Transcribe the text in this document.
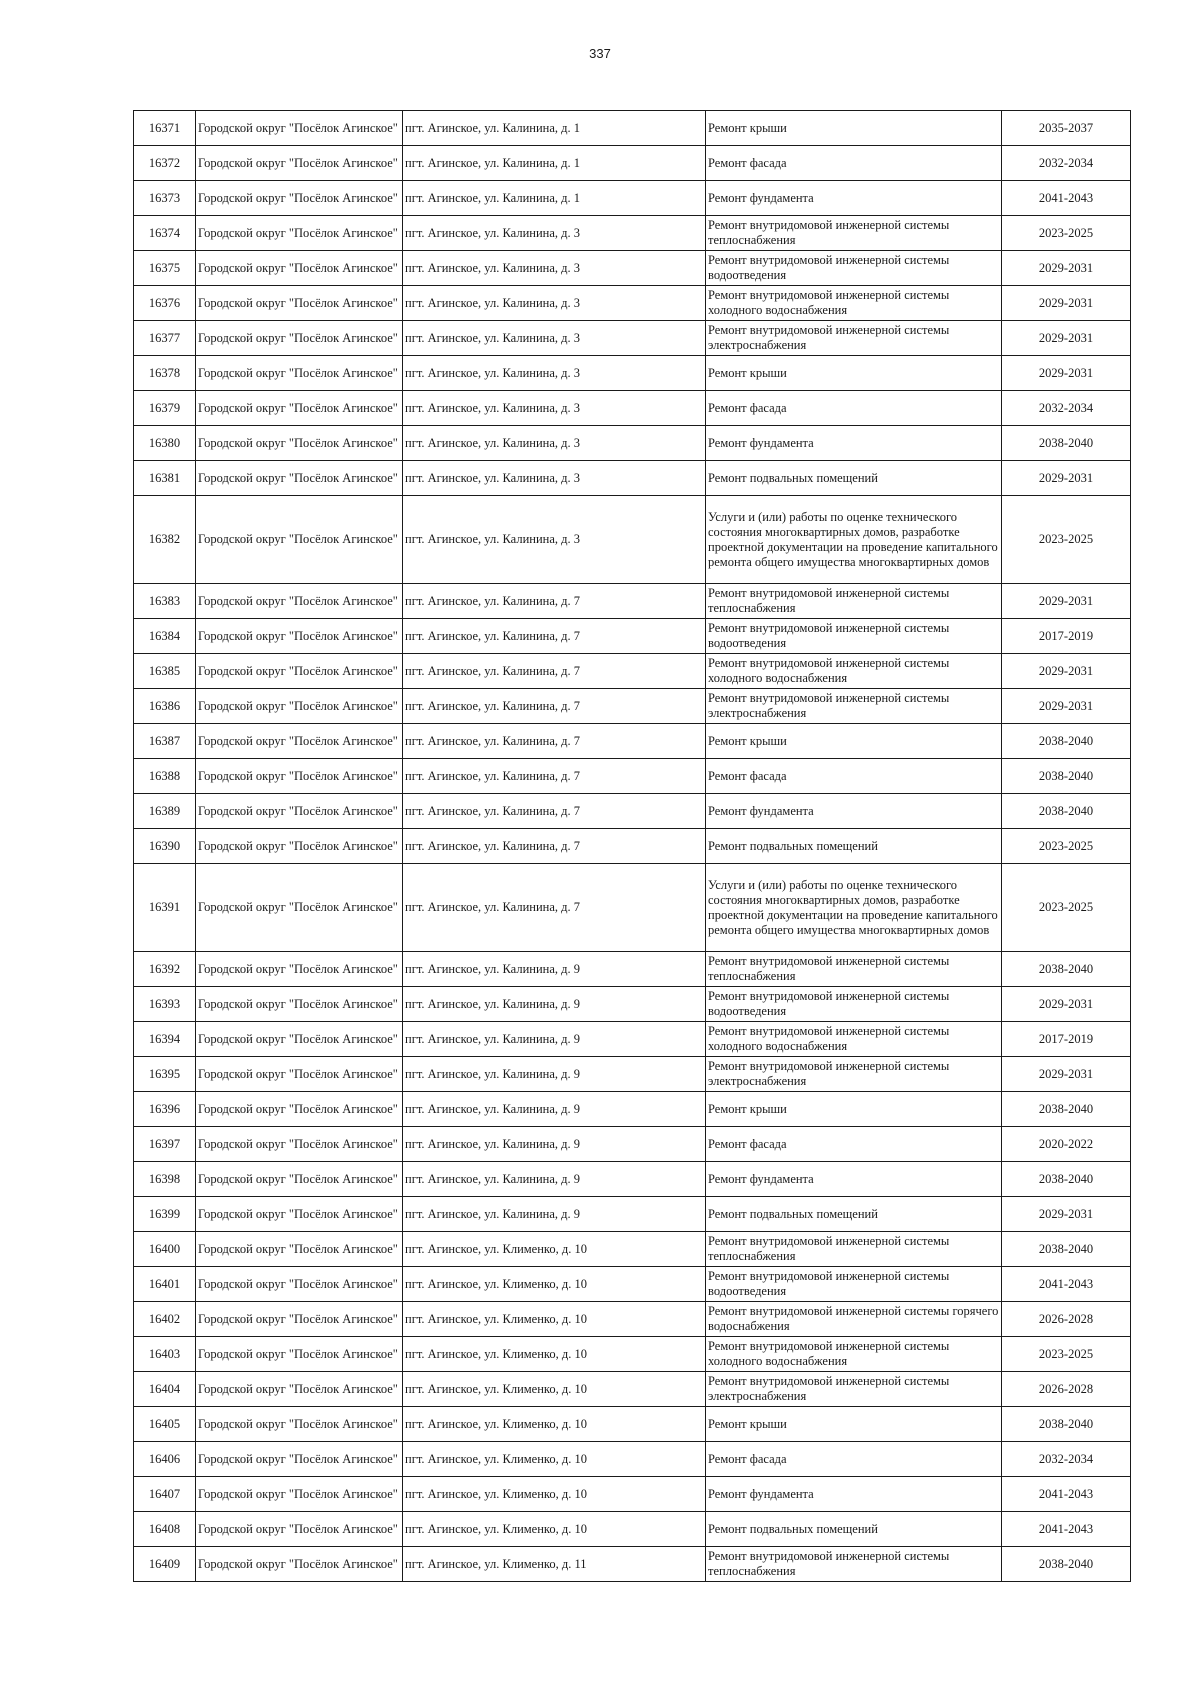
337
16371	Городской округ "Посёлок Агинское"	пгт. Агинское, ул. Калинина, д. 1	Ремонт крыши	2035-2037
16372	Городской округ "Посёлок Агинское"	пгт. Агинское, ул. Калинина, д. 1	Ремонт фасада	2032-2034
16373	Городской округ "Посёлок Агинское"	пгт. Агинское, ул. Калинина, д. 1	Ремонт фундамента	2041-2043
16374	Городской округ "Посёлок Агинское"	пгт. Агинское, ул. Калинина, д. 3	Ремонт внутридомовой инженерной системы теплоснабжения	2023-2025
16375	Городской округ "Посёлок Агинское"	пгт. Агинское, ул. Калинина, д. 3	Ремонт внутридомовой инженерной системы водоотведения	2029-2031
16376	Городской округ "Посёлок Агинское"	пгт. Агинское, ул. Калинина, д. 3	Ремонт внутридомовой инженерной системы холодного водоснабжения	2029-2031
16377	Городской округ "Посёлок Агинское"	пгт. Агинское, ул. Калинина, д. 3	Ремонт внутридомовой инженерной системы электроснабжения	2029-2031
16378	Городской округ "Посёлок Агинское"	пгт. Агинское, ул. Калинина, д. 3	Ремонт крыши	2029-2031
16379	Городской округ "Посёлок Агинское"	пгт. Агинское, ул. Калинина, д. 3	Ремонт фасада	2032-2034
16380	Городской округ "Посёлок Агинское"	пгт. Агинское, ул. Калинина, д. 3	Ремонт фундамента	2038-2040
16381	Городской округ "Посёлок Агинское"	пгт. Агинское, ул. Калинина, д. 3	Ремонт подвальных помещений	2029-2031
16382	Городской округ "Посёлок Агинское"	пгт. Агинское, ул. Калинина, д. 3	Услуги и (или) работы по оценке технического состояния многоквартирных домов, разработке проектной документации на проведение капитального ремонта общего имущества многоквартирных домов	2023-2025
16383	Городской округ "Посёлок Агинское"	пгт. Агинское, ул. Калинина, д. 7	Ремонт внутридомовой инженерной системы теплоснабжения	2029-2031
16384	Городской округ "Посёлок Агинское"	пгт. Агинское, ул. Калинина, д. 7	Ремонт внутридомовой инженерной системы водоотведения	2017-2019
16385	Городской округ "Посёлок Агинское"	пгт. Агинское, ул. Калинина, д. 7	Ремонт внутридомовой инженерной системы холодного водоснабжения	2029-2031
16386	Городской округ "Посёлок Агинское"	пгт. Агинское, ул. Калинина, д. 7	Ремонт внутридомовой инженерной системы электроснабжения	2029-2031
16387	Городской округ "Посёлок Агинское"	пгт. Агинское, ул. Калинина, д. 7	Ремонт крыши	2038-2040
16388	Городской округ "Посёлок Агинское"	пгт. Агинское, ул. Калинина, д. 7	Ремонт фасада	2038-2040
16389	Городской округ "Посёлок Агинское"	пгт. Агинское, ул. Калинина, д. 7	Ремонт фундамента	2038-2040
16390	Городской округ "Посёлок Агинское"	пгт. Агинское, ул. Калинина, д. 7	Ремонт подвальных помещений	2023-2025
16391	Городской округ "Посёлок Агинское"	пгт. Агинское, ул. Калинина, д. 7	Услуги и (или) работы по оценке технического состояния многоквартирных домов, разработке проектной документации на проведение капитального ремонта общего имущества многоквартирных домов	2023-2025
16392	Городской округ "Посёлок Агинское"	пгт. Агинское, ул. Калинина, д. 9	Ремонт внутридомовой инженерной системы теплоснабжения	2038-2040
16393	Городской округ "Посёлок Агинское"	пгт. Агинское, ул. Калинина, д. 9	Ремонт внутридомовой инженерной системы водоотведения	2029-2031
16394	Городской округ "Посёлок Агинское"	пгт. Агинское, ул. Калинина, д. 9	Ремонт внутридомовой инженерной системы холодного водоснабжения	2017-2019
16395	Городской округ "Посёлок Агинское"	пгт. Агинское, ул. Калинина, д. 9	Ремонт внутридомовой инженерной системы электроснабжения	2029-2031
16396	Городской округ "Посёлок Агинское"	пгт. Агинское, ул. Калинина, д. 9	Ремонт крыши	2038-2040
16397	Городской округ "Посёлок Агинское"	пгт. Агинское, ул. Калинина, д. 9	Ремонт фасада	2020-2022
16398	Городской округ "Посёлок Агинское"	пгт. Агинское, ул. Калинина, д. 9	Ремонт фундамента	2038-2040
16399	Городской округ "Посёлок Агинское"	пгт. Агинское, ул. Калинина, д. 9	Ремонт подвальных помещений	2029-2031
16400	Городской округ "Посёлок Агинское"	пгт. Агинское, ул. Клименко, д. 10	Ремонт внутридомовой инженерной системы теплоснабжения	2038-2040
16401	Городской округ "Посёлок Агинское"	пгт. Агинское, ул. Клименко, д. 10	Ремонт внутридомовой инженерной системы водоотведения	2041-2043
16402	Городской округ "Посёлок Агинское"	пгт. Агинское, ул. Клименко, д. 10	Ремонт внутридомовой инженерной системы горячего водоснабжения	2026-2028
16403	Городской округ "Посёлок Агинское"	пгт. Агинское, ул. Клименко, д. 10	Ремонт внутридомовой инженерной системы холодного водоснабжения	2023-2025
16404	Городской округ "Посёлок Агинское"	пгт. Агинское, ул. Клименко, д. 10	Ремонт внутридомовой инженерной системы электроснабжения	2026-2028
16405	Городской округ "Посёлок Агинское"	пгт. Агинское, ул. Клименко, д. 10	Ремонт крыши	2038-2040
16406	Городской округ "Посёлок Агинское"	пгт. Агинское, ул. Клименко, д. 10	Ремонт фасада	2032-2034
16407	Городской округ "Посёлок Агинское"	пгт. Агинское, ул. Клименко, д. 10	Ремонт фундамента	2041-2043
16408	Городской округ "Посёлок Агинское"	пгт. Агинское, ул. Клименко, д. 10	Ремонт подвальных помещений	2041-2043
16409	Городской округ "Посёлок Агинское"	пгт. Агинское, ул. Клименко, д. 11	Ремонт внутридомовой инженерной системы теплоснабжения	2038-2040
